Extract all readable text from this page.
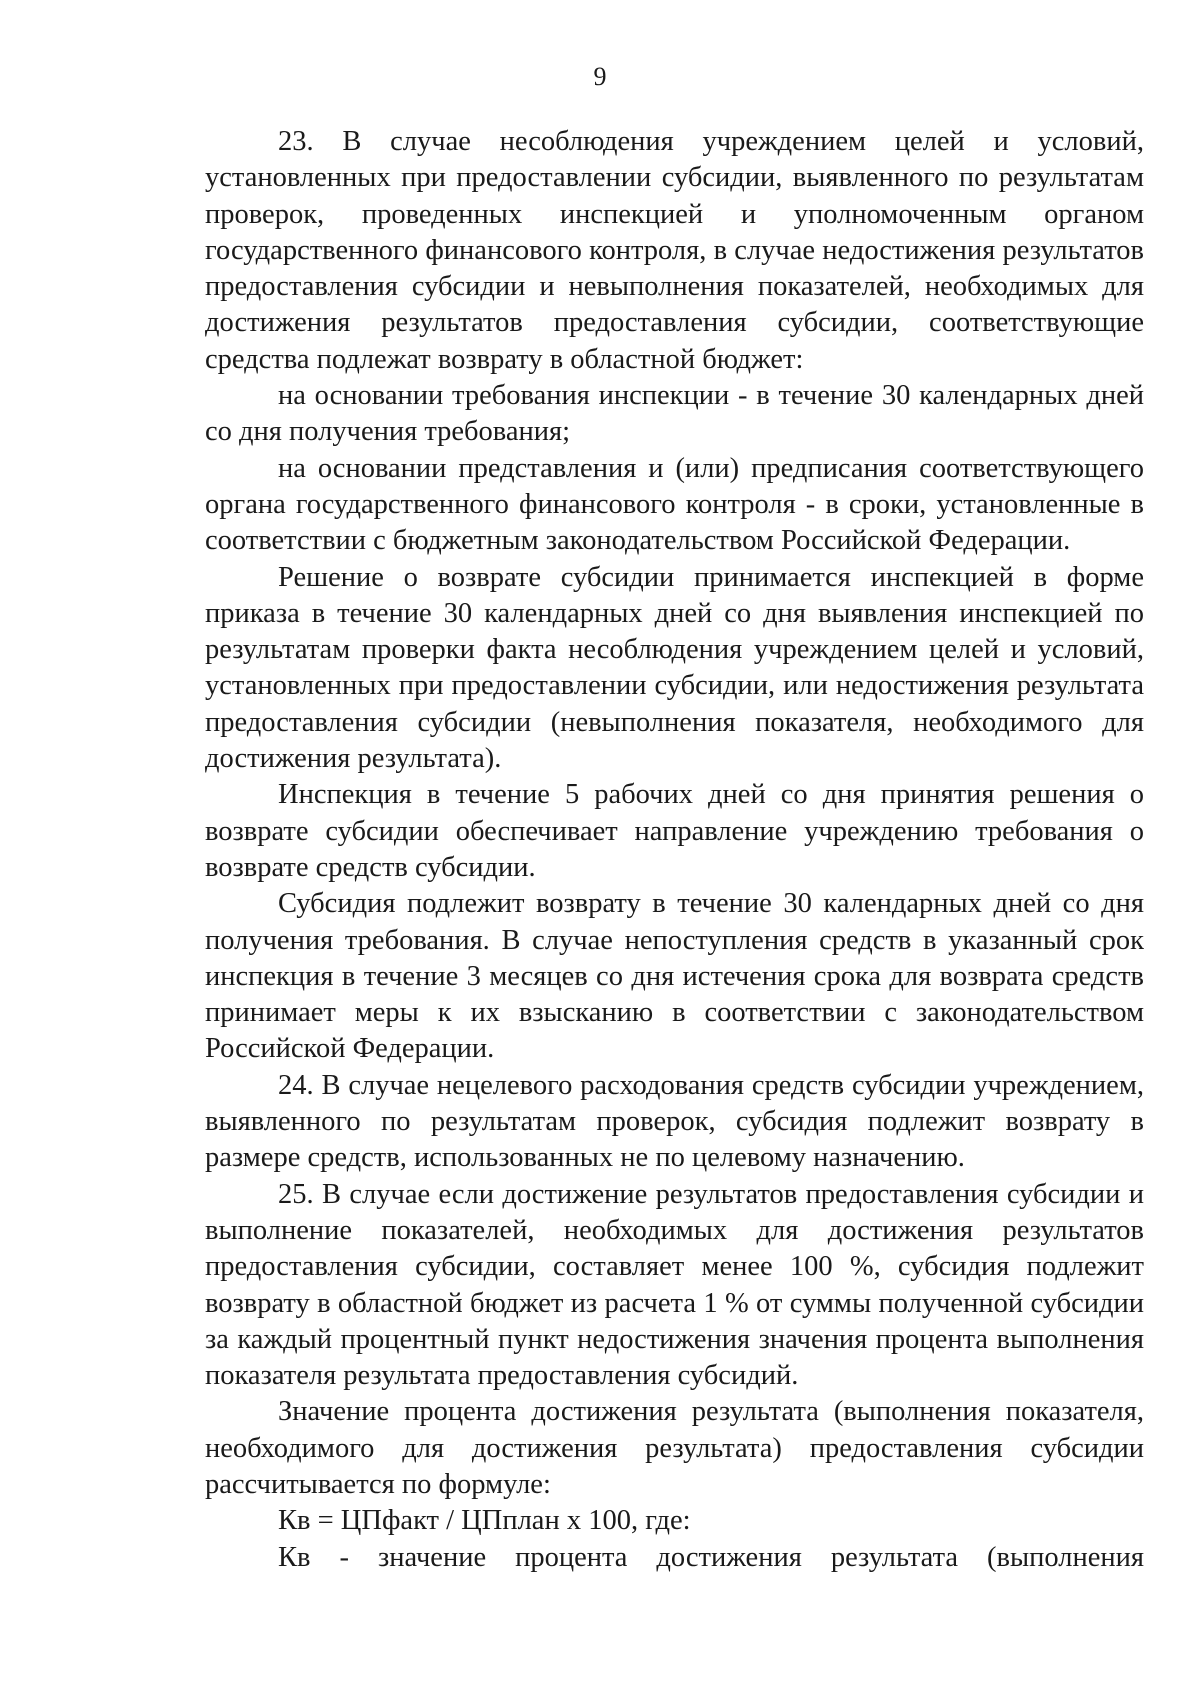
9

23. В случае несоблюдения учреждением целей и условий, установленных при предоставлении субсидии, выявленного по результатам проверок, проведенных инспекцией и уполномоченным органом государственного финансового контроля, в случае недостижения результатов предоставления субсидии и невыполнения показателей, необходимых для достижения результатов предоставления субсидии, соответствующие средства подлежат возврату в областной бюджет:

на основании требования инспекции - в течение 30 календарных дней со дня получения требования;

на основании представления и (или) предписания соответствующего органа государственного финансового контроля - в сроки, установленные в соответствии с бюджетным законодательством Российской Федерации.

Решение о возврате субсидии принимается инспекцией в форме приказа в течение 30 календарных дней со дня выявления инспекцией по результатам проверки факта несоблюдения учреждением целей и условий, установленных при предоставлении субсидии, или недостижения результата предоставления субсидии (невыполнения показателя, необходимого для достижения результата).

Инспекция в течение 5 рабочих дней со дня принятия решения о возврате субсидии обеспечивает направление учреждению требования о возврате средств субсидии.

Субсидия подлежит возврату в течение 30 календарных дней со дня получения требования. В случае непоступления средств в указанный срок инспекция в течение 3 месяцев со дня истечения срока для возврата средств принимает меры к их взысканию в соответствии с законодательством Российской Федерации.

24. В случае нецелевого расходования средств субсидии учреждением, выявленного по результатам проверок, субсидия подлежит возврату в размере средств, использованных не по целевому назначению.

25. В случае если достижение результатов предоставления субсидии и выполнение показателей, необходимых для достижения результатов предоставления субсидии, составляет менее 100 %, субсидия подлежит возврату в областной бюджет из расчета 1 % от суммы полученной субсидии за каждый процентный пункт недостижения значения процента выполнения показателя результата предоставления субсидий.

Значение процента достижения результата (выполнения показателя, необходимого для достижения результата) предоставления субсидии рассчитывается по формуле:

Кв = ЦПфакт / ЦПплан х 100, где:

Кв - значение процента достижения результата (выполнения
